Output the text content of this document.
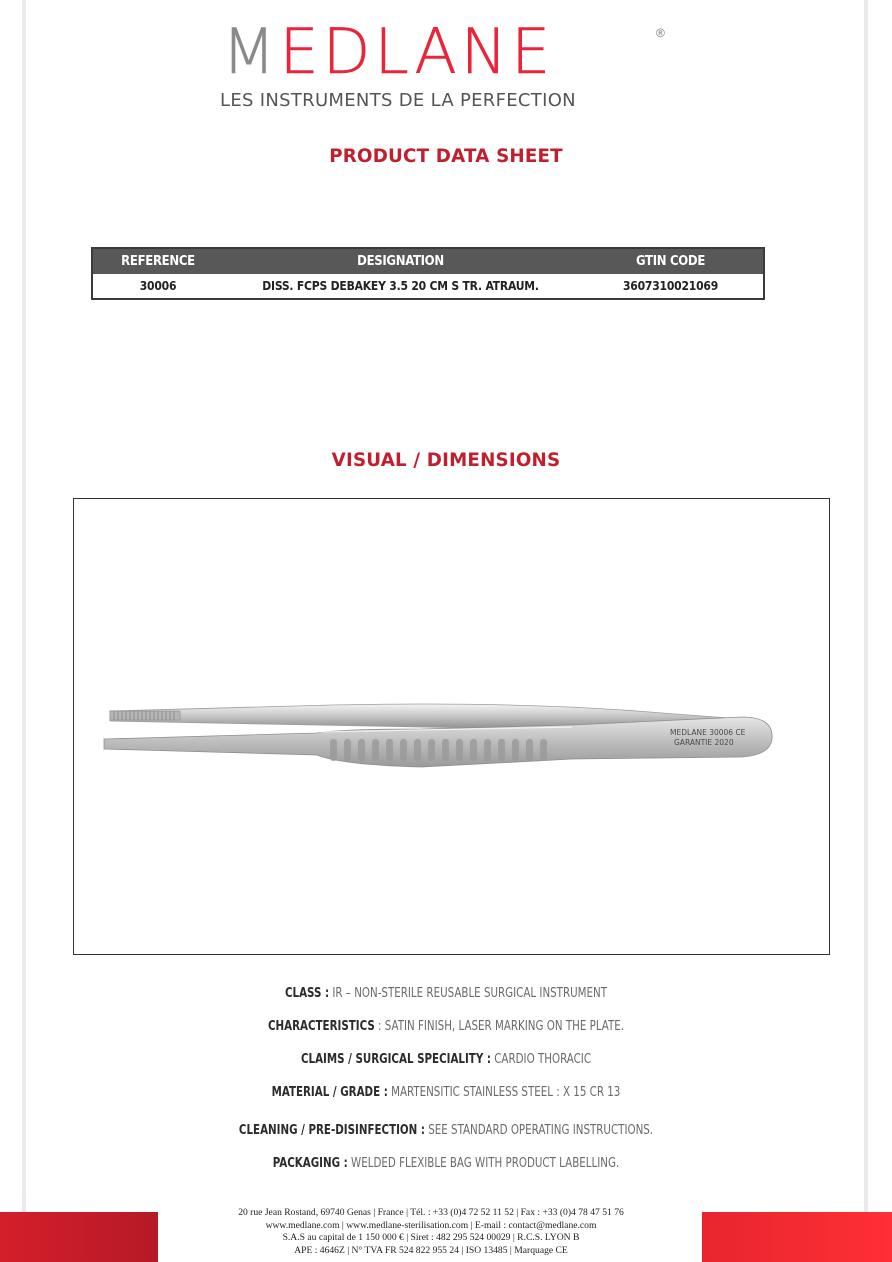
MEDLANE	®
LES INSTRUMENTS DE LA PERFECTION
PRODUCT DATA SHEET
REFERENCE	DESIGNATION	GTIN CODE
30006	DISS. FCPS DEBAKEY 3.5 20 CM S TR. ATRAUM.	3607310021069
VISUAL / DIMENSIONS
MEDLANE 30006 CE
GARANTIE 2020
CLASS : IR – NON-STERILE REUSABLE SURGICAL INSTRUMENT
CHARACTERISTICS : SATIN FINISH, LASER MARKING ON THE PLATE.
CLAIMS / SURGICAL SPECIALITY : CARDIO THORACIC
MATERIAL / GRADE : MARTENSITIC STAINLESS STEEL : X 15 CR 13
CLEANING / PRE-DISINFECTION : SEE STANDARD OPERATING INSTRUCTIONS.
PACKAGING : WELDED FLEXIBLE BAG WITH PRODUCT LABELLING.
20 rue Jean Rostand, 69740 Genas | France | Tél. : +33 (0)4 72 52 11 52 | Fax : +33 (0)4 78 47 51 76
www.medlane.com | www.medlane-sterilisation.com | E-mail : contact@medlane.com
S.A.S au capital de 1 150 000 € | Siret : 482 295 524 00029 | R.C.S. LYON B
APE : 4646Z | N° TVA FR 524 822 955 24 | ISO 13485 | Marquage CE
